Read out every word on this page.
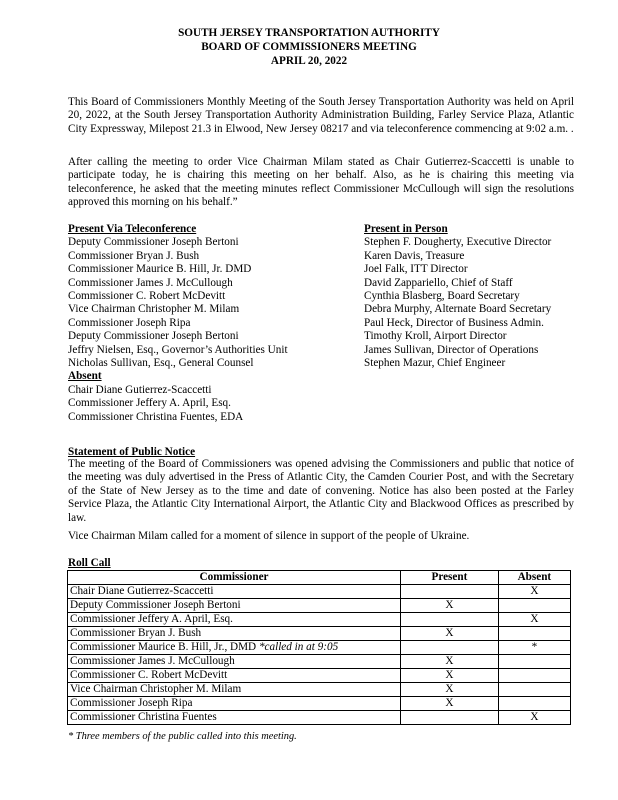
SOUTH JERSEY TRANSPORTATION AUTHORITY
BOARD OF COMMISSIONERS MEETING
APRIL 20, 2022
This Board of Commissioners Monthly Meeting of the South Jersey Transportation Authority was held on April 20, 2022, at the South Jersey Transportation Authority Administration Building, Farley Service Plaza, Atlantic City Expressway, Milepost 21.3 in Elwood, New Jersey 08217 and via teleconference commencing at 9:02 a.m. .
After calling the meeting to order Vice Chairman Milam stated as Chair Gutierrez-Scaccetti is unable to participate today, he is chairing this meeting on her behalf. Also, as he is chairing this meeting via teleconference, he asked that the meeting minutes reflect Commissioner McCullough will sign the resolutions approved this morning on his behalf.”
Present Via Teleconference
Deputy Commissioner Joseph Bertoni
Commissioner Bryan J. Bush
Commissioner Maurice B. Hill, Jr. DMD
Commissioner James J. McCullough
Commissioner C. Robert McDevitt
Vice Chairman Christopher M. Milam
Commissioner Joseph Ripa
Deputy Commissioner Joseph Bertoni
Jeffry Nielsen, Esq., Governor’s Authorities Unit
Nicholas Sullivan, Esq., General Counsel
Absent
Chair Diane Gutierrez-Scaccetti
Commissioner Jeffery A. April, Esq.
Commissioner Christina Fuentes, EDA
Present in Person
Stephen F. Dougherty, Executive Director
Karen Davis, Treasure
Joel Falk, ITT Director
David Zappariello, Chief of Staff
Cynthia Blasberg, Board Secretary
Debra Murphy, Alternate Board Secretary
Paul Heck, Director of Business Admin.
Timothy Kroll, Airport Director
James Sullivan, Director of Operations
Stephen Mazur, Chief Engineer
Statement of Public Notice
The meeting of the Board of Commissioners was opened advising the Commissioners and public that notice of the meeting was duly advertised in the Press of Atlantic City, the Camden Courier Post, and with the Secretary of the State of New Jersey as to the time and date of convening. Notice has also been posted at the Farley Service Plaza, the Atlantic City International Airport, the Atlantic City and Blackwood Offices as prescribed by law.
Vice Chairman Milam called for a moment of silence in support of the people of Ukraine.
Roll Call
Commissioner	Present	Absent
Chair Diane Gutierrez-Scaccetti		X
Deputy Commissioner Joseph Bertoni	X	
Commissioner Jeffery A. April, Esq.		X
Commissioner Bryan J. Bush	X	
Commissioner Maurice B. Hill, Jr., DMD *called in at 9:05		*
Commissioner James J. McCullough	X	
Commissioner C. Robert McDevitt	X	
Vice Chairman Christopher M. Milam	X	
Commissioner Joseph Ripa	X	
Commissioner Christina Fuentes		X
* Three members of the public called into this meeting.
